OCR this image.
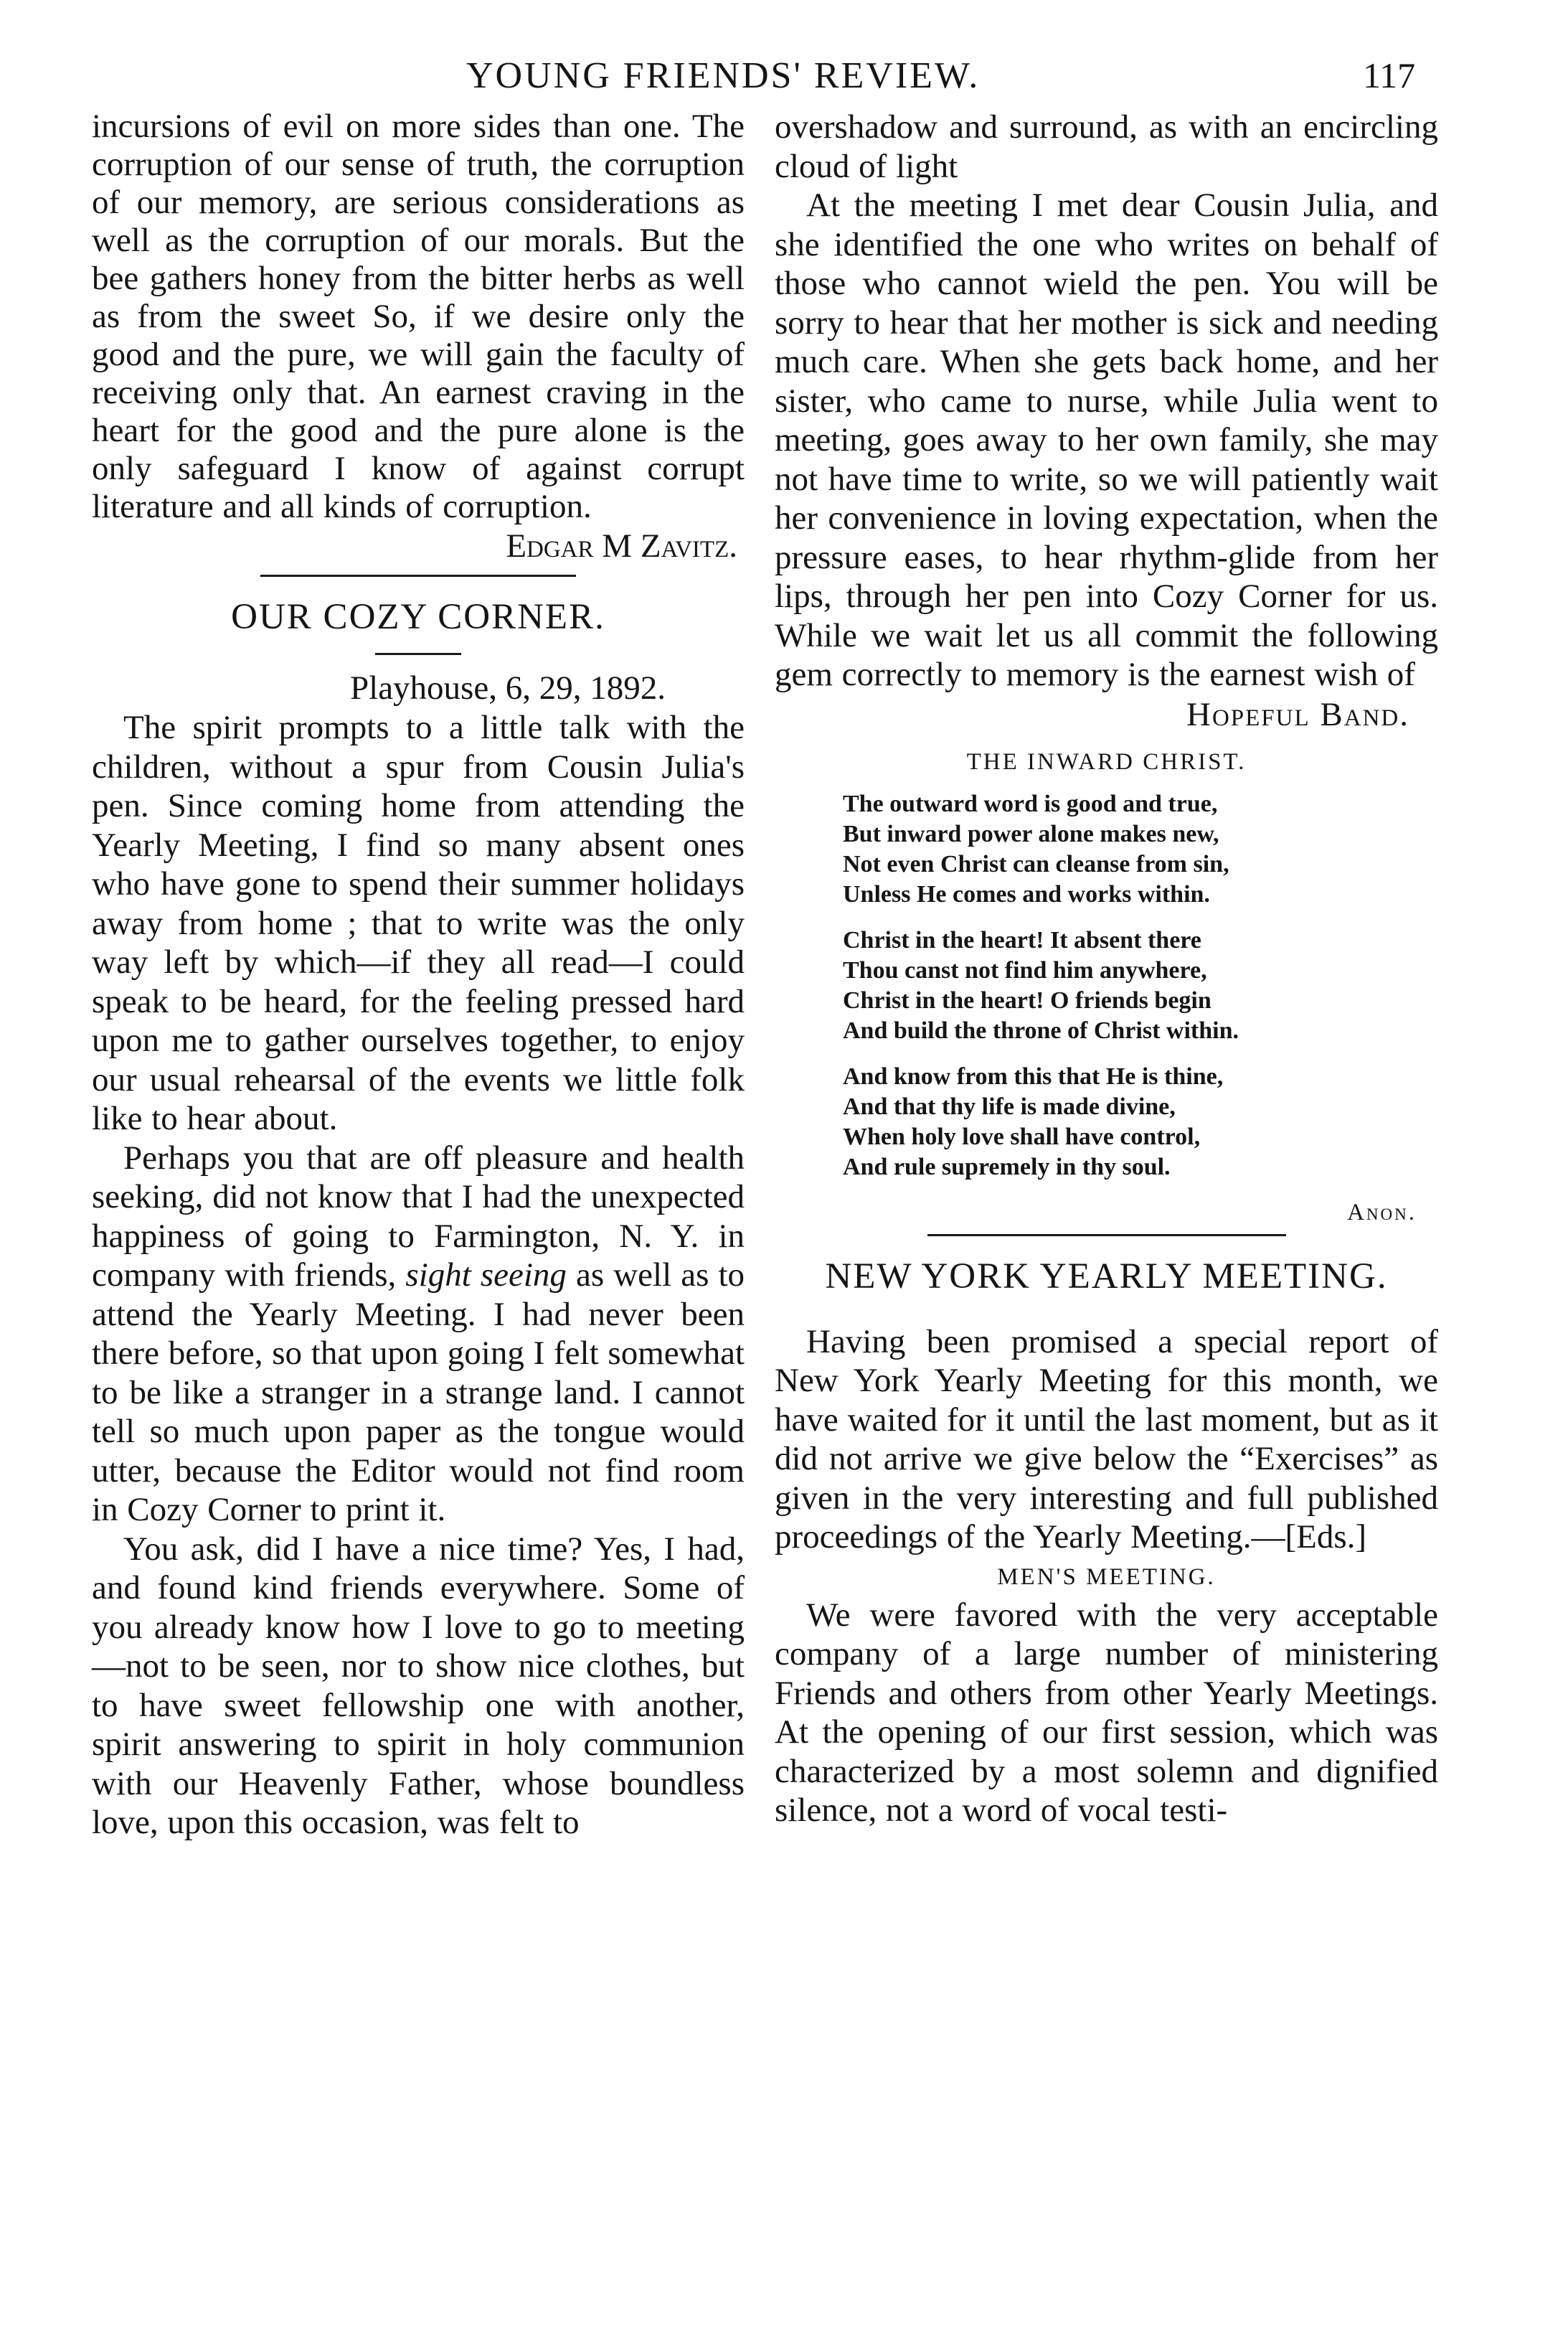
YOUNG FRIENDS' REVIEW.	117

incursions of evil on more sides than one. The corruption of our sense of truth, the corruption of our memory, are serious considerations as well as the corruption of our morals. But the bee gathers honey from the bitter herbs as well as from the sweet So, if we desire only the good and the pure, we will gain the faculty of receiving only that. An earnest craving in the heart for the good and the pure alone is the only safeguard I know of against corrupt literature and all kinds of corruption.

Edgar M Zavitz.
OUR COZY CORNER.
Playhouse, 6, 29, 1892.

The spirit prompts to a little talk with the children, without a spur from Cousin Julia's pen. Since coming home from attending the Yearly Meeting, I find so many absent ones who have gone to spend their summer holidays away from home ; that to write was the only way left by which—if they all read—I could speak to be heard, for the feeling pressed hard upon me to gather ourselves together, to enjoy our usual rehearsal of the events we little folk like to hear about.

Perhaps you that are off pleasure and health seeking, did not know that I had the unexpected happiness of going to Farmington, N. Y. in company with friends, sight seeing as well as to attend the Yearly Meeting. I had never been there before, so that upon going I felt somewhat to be like a stranger in a strange land. I cannot tell so much upon paper as the tongue would utter, because the Editor would not find room in Cozy Corner to print it.

You ask, did I have a nice time? Yes, I had, and found kind friends everywhere. Some of you already know how I love to go to meeting—not to be seen, nor to show nice clothes, but to have sweet fellowship one with another, spirit answering to spirit in holy communion with our Heavenly Father, whose boundless love, upon this occasion, was felt to

overshadow and surround, as with an encircling cloud of light

At the meeting I met dear Cousin Julia, and she identified the one who writes on behalf of those who cannot wield the pen. You will be sorry to hear that her mother is sick and needing much care. When she gets back home, and her sister, who came to nurse, while Julia went to meeting, goes away to her own family, she may not have time to write, so we will patiently wait her convenience in loving expectation, when the pressure eases, to hear rhythm-glide from her lips, through her pen into Cozy Corner for us. While we wait let us all commit the following gem correctly to memory is the earnest wish of

Hopeful Band.
THE INWARD CHRIST.
The outward word is good and true,
But inward power alone makes new,
Not even Christ can cleanse from sin,
Unless He comes and works within.
Christ in the heart! It absent there
Thou canst not find him anywhere,
Christ in the heart! O friends begin
And build the throne of Christ within.
And know from this that He is thine,
And that thy life is made divine,
When holy love shall have control,
And rule supremely in thy soul.
Anon.
NEW YORK YEARLY MEETING.

Having been promised a special report of New York Yearly Meeting for this month, we have waited for it until the last moment, but as it did not arrive we give below the “Exercises” as given in the very interesting and full published proceedings of the Yearly Meeting.—[Eds.]

MEN'S MEETING.

We were favored with the very acceptable company of a large number of ministering Friends and others from other Yearly Meetings. At the opening of our first session, which was characterized by a most solemn and dignified silence, not a word of vocal testi-
